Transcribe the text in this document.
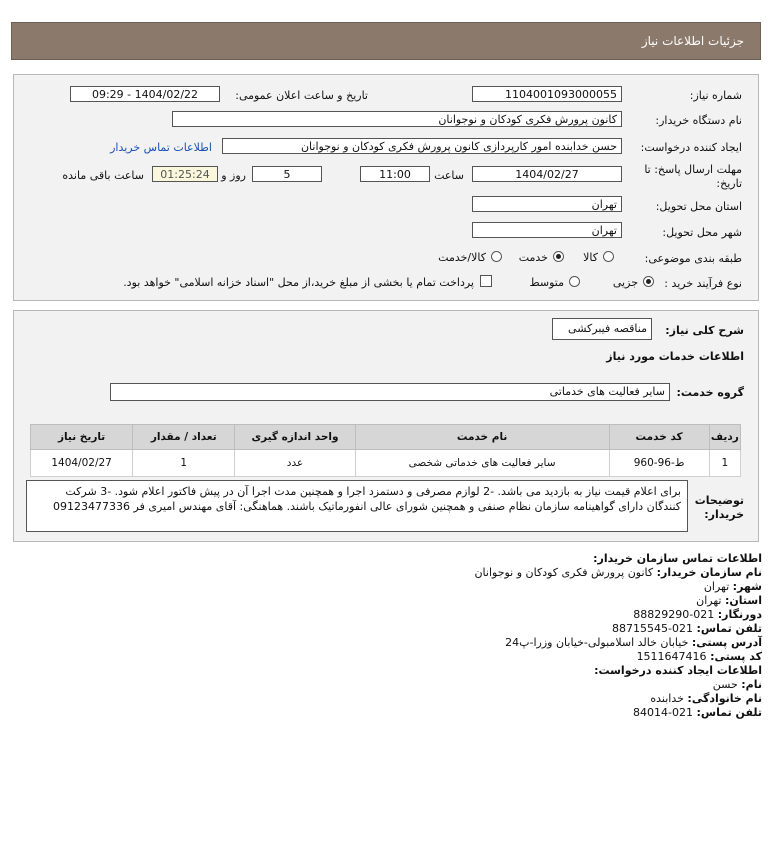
جزئیات اطلاعات نیاز
شماره نیاز:
1104001093000055
تاریخ و ساعت اعلان عمومی:
1404/02/22 - 09:29
نام دستگاه خریدار:
کانون پرورش فکری کودکان و نوجوانان
ایجاد کننده درخواست:
حسن خدابنده امور کارپردازی کانون پرورش فکری کودکان و نوجوانان
اطلاعات تماس خریدار
مهلت ارسال پاسخ: تا
تاریخ:
1404/02/27
ساعت
11:00
5
روز و
01:25:24
ساعت باقی مانده
استان محل تحویل:
تهران
شهر محل تحویل:
تهران
طبقه بندی موضوعی:
کالا
خدمت
کالا/خدمت
نوع فرآیند خرید :
جزیی
متوسط
پرداخت تمام یا بخشی از مبلغ خرید،از محل "اسناد خزانه اسلامی" خواهد بود.
شرح کلی نیاز:
مناقصه فیبرکشی
اطلاعات خدمات مورد نیاز
گروه خدمت:
سایر فعالیت های خدماتی
ردیف	کد خدمت	نام خدمت	واحد اندازه گیری	تعداد / مقدار	تاریخ نیاز
1	ط-96-960	سایر فعالیت های خدماتی شخصی	عدد	1	1404/02/27
توضیحات خریدار:
برای اعلام قیمت نیاز به بازدید می باشد. -2 لوازم مصرفی و دستمزد اجرا و همچنین مدت اجرا آن در پیش فاکتور اعلام شود. -3 شرکت کنندگان دارای گواهینامه سازمان نظام صنفی و همچنین شورای عالی انفورماتیک باشند. هماهنگی: آقای مهندس امیری فر 09123477336
اطلاعات تماس سازمان خریدار:
نام سازمان خریدار: کانون پرورش فکری کودکان و نوجوانان
شهر: تهران
استان: تهران
دورنگار: 021-88829290
تلفن تماس: 021-88715545
آدرس پستی: خیابان خالد اسلامبولی-خیابان وزرا-پ24
کد پستی: 1511647416
اطلاعات ایجاد کننده درخواست:
نام: حسن
نام خانوادگی: خدابنده
تلفن تماس: 021-84014
